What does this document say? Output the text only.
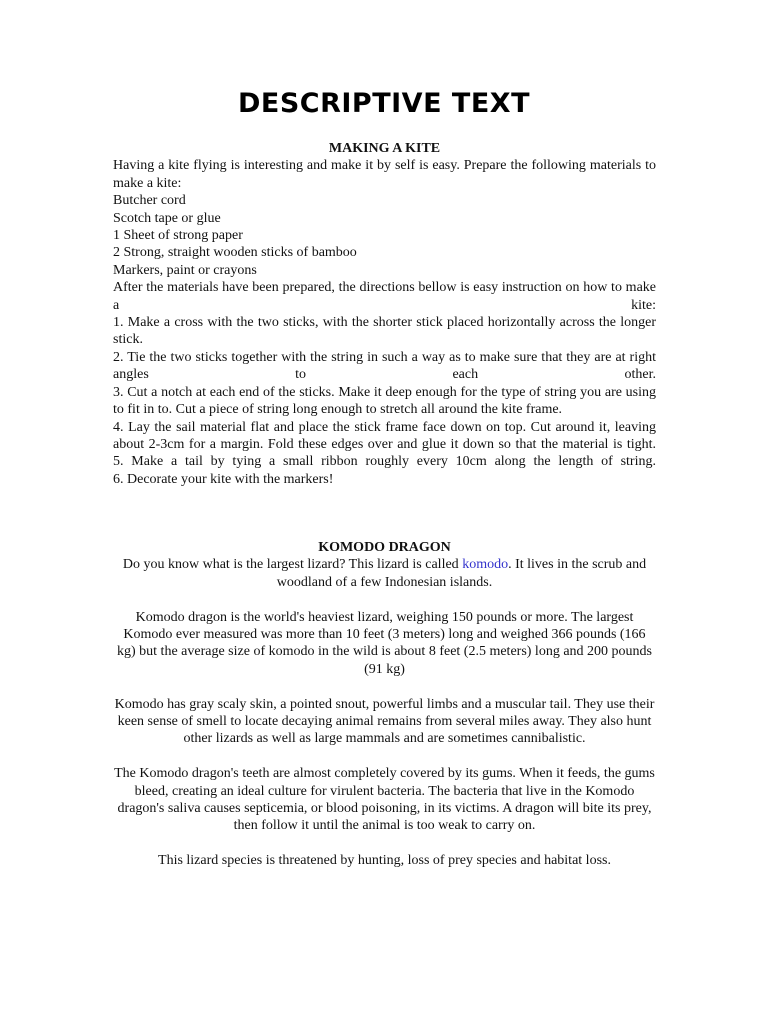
DESCRIPTIVE TEXT
MAKING A KITE

Having a kite flying is interesting and make it by self is easy. Prepare the following materials to make a kite:

Butcher cord

Scotch tape or glue

1 Sheet of strong paper

2 Strong, straight wooden sticks of bamboo

Markers, paint or crayons

After the materials have been prepared, the directions bellow is easy instruction on how to make a kite:

1. Make a cross with the two sticks, with the shorter stick placed horizontally across the longer stick.

2. Tie the two sticks together with the string in such a way as to make sure that they are at right angles to each other.

3. Cut a notch at each end of the sticks. Make it deep enough for the type of string you are using to fit in to. Cut a piece of string long enough to stretch all around the kite frame.

4. Lay the sail material flat and place the stick frame face down on top. Cut around it, leaving about 2-3cm for a margin. Fold these edges over and glue it down so that the material is tight.

5. Make a tail by tying a small ribbon roughly every 10cm along the length of string.

6. Decorate your kite with the markers!

KOMODO DRAGON

Do you know what is the largest lizard? This lizard is called komodo. It lives in the scrub and woodland of a few Indonesian islands.

Komodo dragon is the world's heaviest lizard, weighing 150 pounds or more. The largest Komodo ever measured was more than 10 feet (3 meters) long and weighed 366 pounds (166 kg) but the average size of komodo in the wild is about 8 feet (2.5 meters) long and 200 pounds (91 kg)

Komodo has gray scaly skin, a pointed snout, powerful limbs and a muscular tail. They use their keen sense of smell to locate decaying animal remains from several miles away. They also hunt other lizards as well as large mammals and are sometimes cannibalistic.

The Komodo dragon's teeth are almost completely covered by its gums. When it feeds, the gums bleed, creating an ideal culture for virulent bacteria. The bacteria that live in the Komodo dragon's saliva causes septicemia, or blood poisoning, in its victims. A dragon will bite its prey, then follow it until the animal is too weak to carry on.

This lizard species is threatened by hunting, loss of prey species and habitat loss.
